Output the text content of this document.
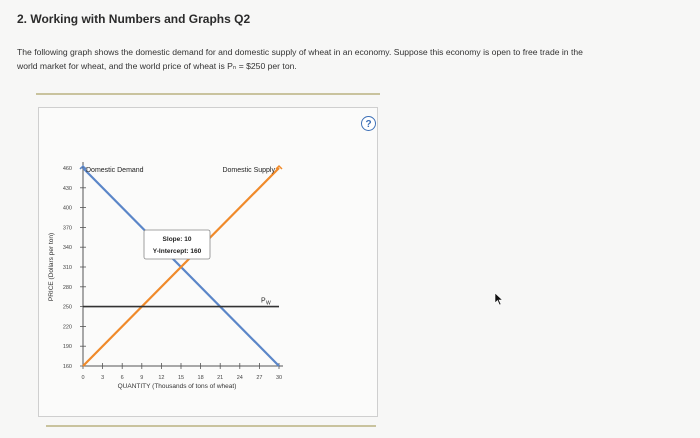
2. Working with Numbers and Graphs Q2
The following graph shows the domestic demand for and domestic supply of wheat in an economy. Suppose this economy is open to free trade in the
world market for wheat, and the world price of wheat is Pₙ = $250 per ton.
160
190
220
250
280
310
340
370
400
430
460
0	3	6	9	12 15 18 21 24 27 30
PRICE (Dollars per ton)
QUANTITY (Thousands of tons of wheat)
Domestic Demand	Domestic Supply
P W
Slope: 10
Y-Intercept: 160
?
